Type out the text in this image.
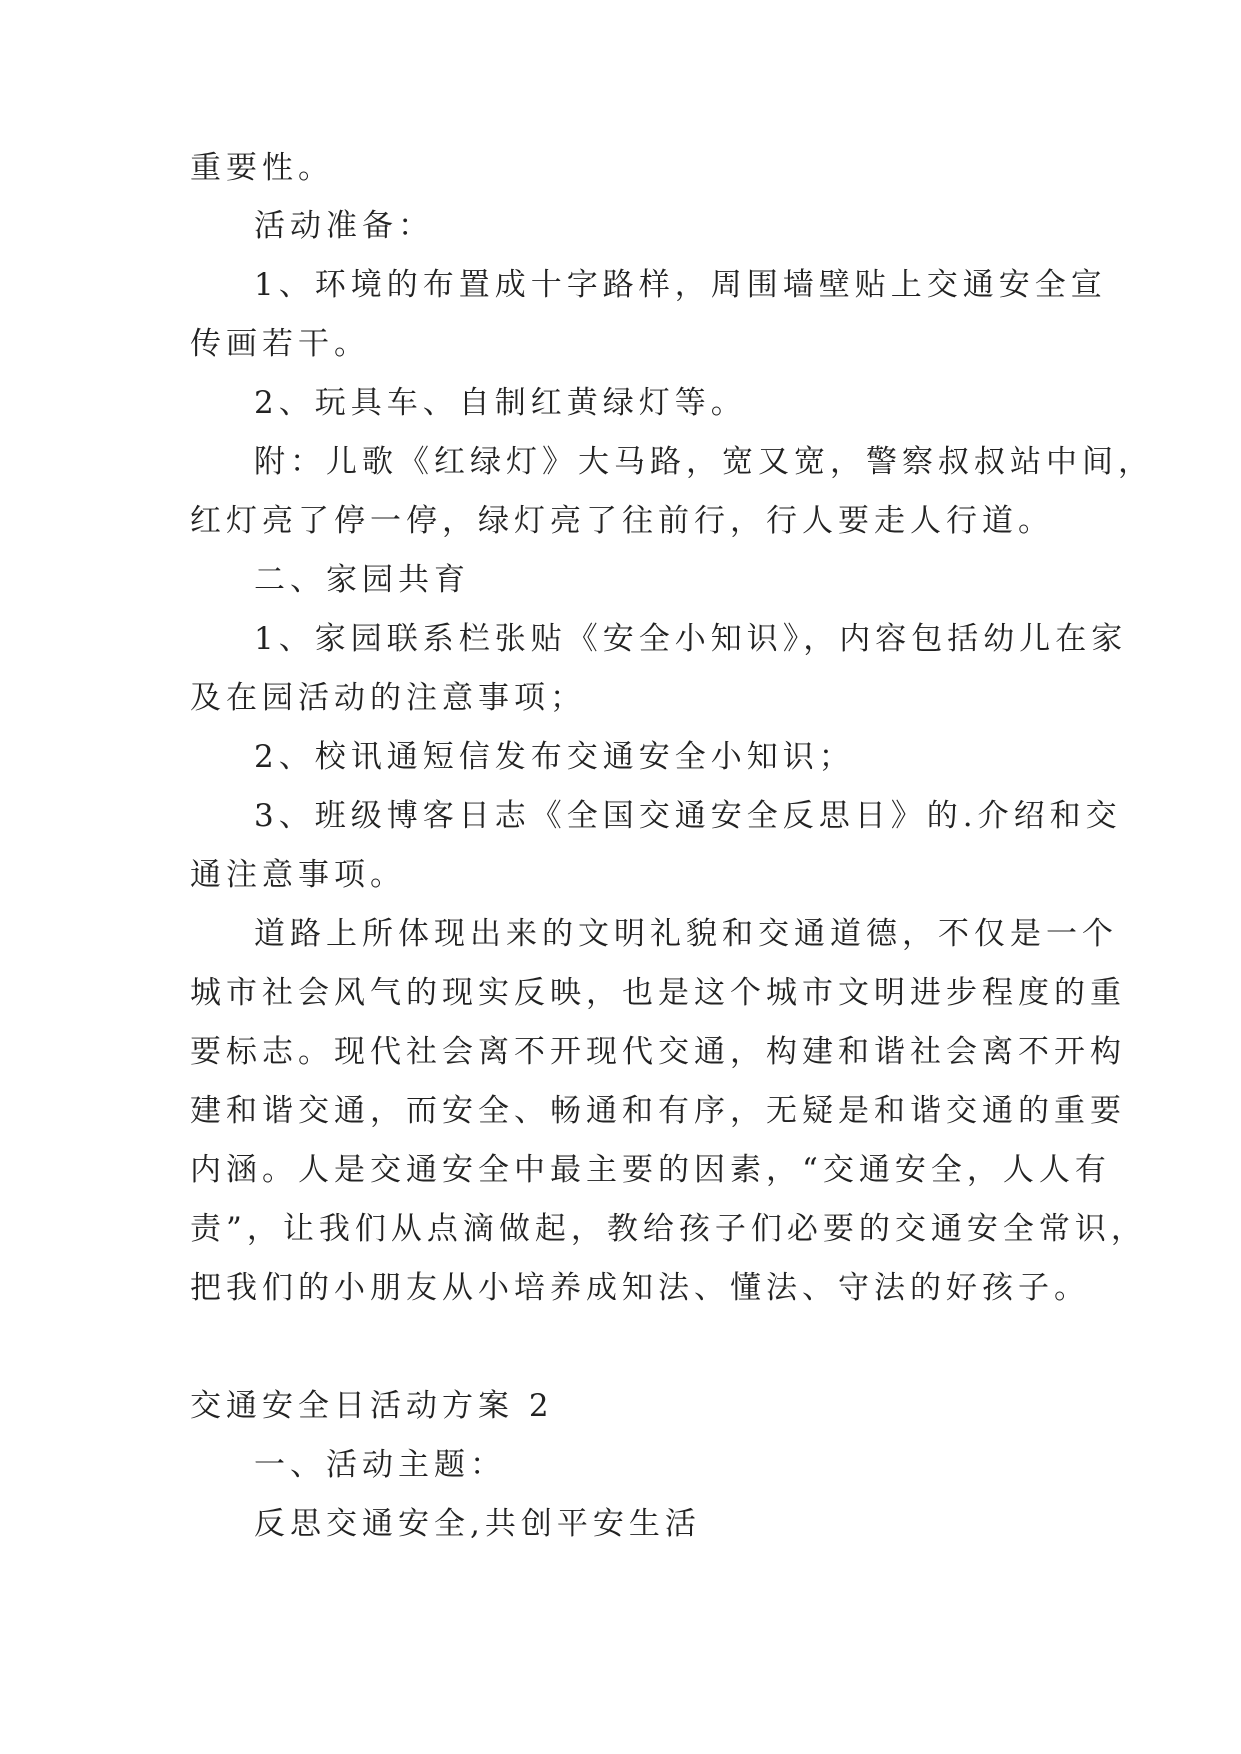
重要性。
活动准备：
1、环境的布置成十字路样，周围墙壁贴上交通安全宣
传画若干。
2、玩具车、自制红黄绿灯等。
附：儿歌《红绿灯》大马路，宽又宽，警察叔叔站中间，
红灯亮了停一停，绿灯亮了往前行，行人要走人行道。
二、家园共育
1、家园联系栏张贴《安全小知识》，内容包括幼儿在家
及在园活动的注意事项；
2、校讯通短信发布交通安全小知识；
3、班级博客日志《全国交通安全反思日》的.介绍和交
通注意事项。
道路上所体现出来的文明礼貌和交通道德，不仅是一个
城市社会风气的现实反映，也是这个城市文明进步程度的重
要标志。现代社会离不开现代交通，构建和谐社会离不开构
建和谐交通，而安全、畅通和有序，无疑是和谐交通的重要
内涵。人是交通安全中最主要的因素，“交通安全，人人有
责”，让我们从点滴做起，教给孩子们必要的交通安全常识，
把我们的小朋友从小培养成知法、懂法、守法的好孩子。
交通安全日活动方案 2
一、活动主题：
反思交通安全,共创平安生活
